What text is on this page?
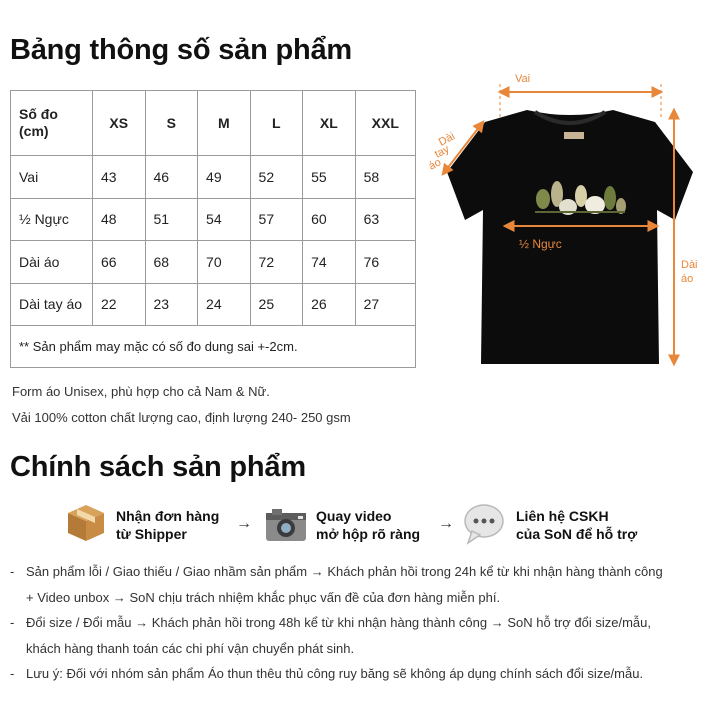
Bảng thông số sản phẩm
Số đo
(cm)	XS	S	M	L	XL	XXL
Vai	43	46	49	52	55	58
½ Ngực	48	51	54	57	60	63
Dài áo	66	68	70	72	74	76
Dài tay áo	22	23	24	25	26	27
** Sản phẩm may mặc có số đo dung sai +-2cm.						
Form áo Unisex, phù hợp cho cả Nam & Nữ.
Vải 100% cotton chất lượng cao, định lượng 240- 250 gsm
Vai
Dài
tay
áo
½ Ngực
Dài
áo
Chính sách sản phẩm
Nhận đơn hàng
từ Shipper
→	Quay video
mở hộp rõ ràng
→	Liên hệ CSKH
của SoN để hỗ trợ
- Sản phẩm lỗi / Giao thiếu / Giao nhầm sản phẩm → Khách phản hồi trong 24h kể từ khi nhận hàng thành công
+ Video unbox → SoN chịu trách nhiệm khắc phục vấn đề của đơn hàng miễn phí.
- Đổi size / Đổi mẫu → Khách phản hồi trong 48h kể từ khi nhận hàng thành công → SoN hỗ trợ đổi size/mẫu,
khách hàng thanh toán các chi phí vận chuyển phát sinh.
- Lưu ý: Đối với nhóm sản phẩm Áo thun thêu thủ công ruy băng sẽ không áp dụng chính sách đổi size/mẫu.
